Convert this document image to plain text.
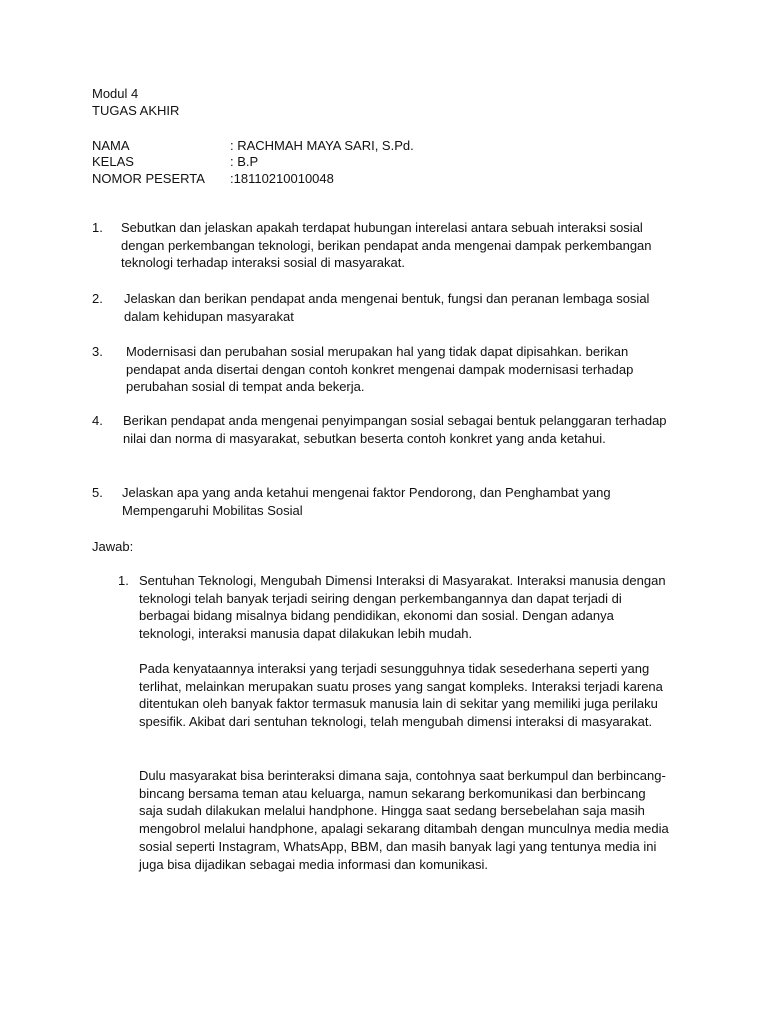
Modul 4
TUGAS AKHIR
NAMA	: RACHMAH MAYA SARI, S.Pd.
KELAS	: B.P
NOMOR PESERTA :18110210010048
1. Sebutkan dan jelaskan apakah terdapat hubungan interelasi antara sebuah interaksi sosial dengan perkembangan teknologi, berikan pendapat anda mengenai dampak perkembangan teknologi terhadap interaksi sosial di masyarakat.
2. Jelaskan dan berikan pendapat anda mengenai bentuk, fungsi dan peranan lembaga sosial dalam kehidupan masyarakat
3. Modernisasi dan perubahan sosial merupakan hal yang tidak dapat dipisahkan. berikan pendapat anda disertai dengan contoh konkret mengenai dampak modernisasi terhadap perubahan sosial di tempat anda bekerja.
4. Berikan pendapat anda mengenai penyimpangan sosial sebagai bentuk pelanggaran terhadap nilai dan norma di masyarakat, sebutkan beserta contoh konkret yang anda ketahui.
5. Jelaskan apa yang anda ketahui mengenai faktor Pendorong, dan Penghambat yang Mempengaruhi Mobilitas Sosial
Jawab:
1. Sentuhan Teknologi, Mengubah Dimensi Interaksi di Masyarakat. Interaksi manusia dengan teknologi telah banyak terjadi seiring dengan perkembangannya dan dapat terjadi di berbagai bidang misalnya bidang pendidikan, ekonomi dan sosial. Dengan adanya teknologi, interaksi manusia dapat dilakukan lebih mudah.
Pada kenyataannya interaksi yang terjadi sesungguhnya tidak sesederhana seperti yang terlihat, melainkan merupakan suatu proses yang sangat kompleks. Interaksi terjadi karena ditentukan oleh banyak faktor termasuk manusia lain di sekitar yang memiliki juga perilaku spesifik. Akibat dari sentuhan teknologi, telah mengubah dimensi interaksi di masyarakat.
Dulu masyarakat bisa berinteraksi dimana saja, contohnya saat berkumpul dan berbincang-bincang bersama teman atau keluarga, namun sekarang berkomunikasi dan berbincang saja sudah dilakukan melalui handphone. Hingga saat sedang bersebelahan saja masih mengobrol melalui handphone, apalagi sekarang ditambah dengan munculnya media media sosial seperti Instagram, WhatsApp, BBM, dan masih banyak lagi yang tentunya media ini juga bisa dijadikan sebagai media informasi dan komunikasi.
